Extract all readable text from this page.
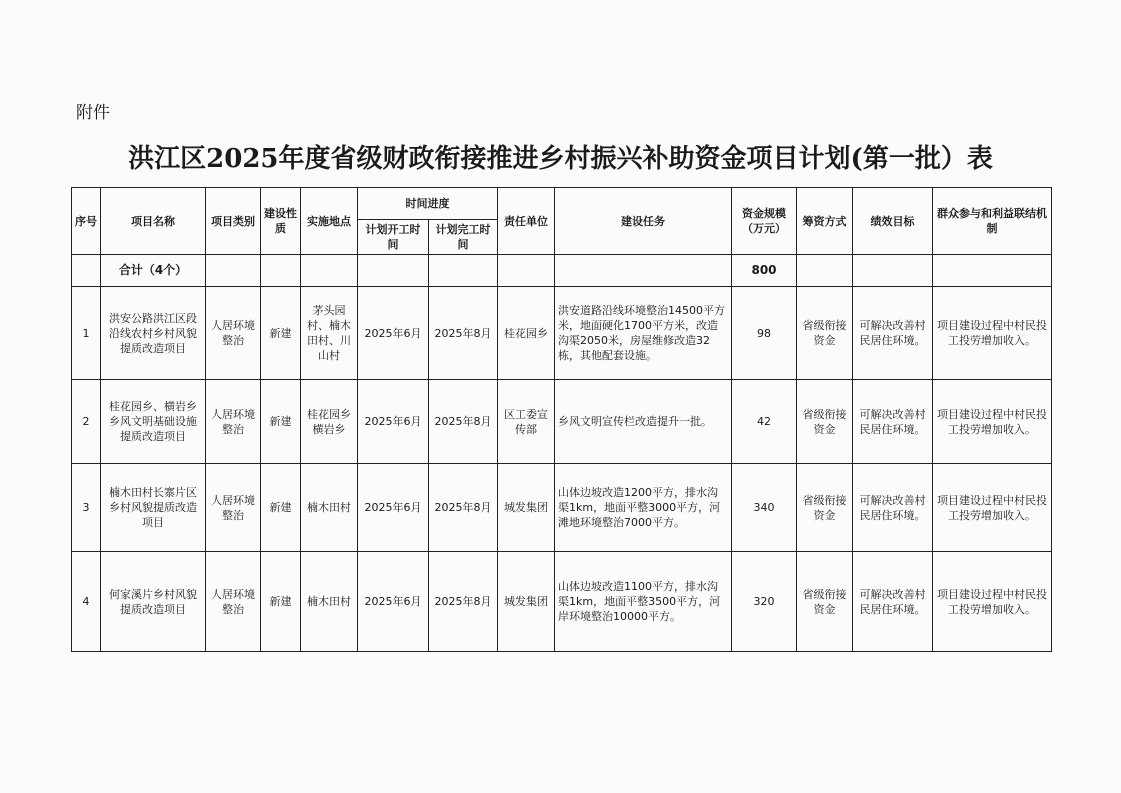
附件
洪江区2025年度省级财政衔接推进乡村振兴补助资金项目计划(第一批）表
序号	项目名称	项目类别	建设性质	实施地点	时间进度		责任单位	建设任务	资金规模（万元）	筹资方式	绩效目标	群众参与和利益联结机制
					计划开工时间	计划完工时间						
	合计（4个）								800			
1	洪安公路洪江区段沿线农村乡村风貌提质改造项目	人居环境整治	新建	茅头园村、楠木田村、川山村	2025年6月	2025年8月	桂花园乡	洪安道路沿线环境整治14500平方米，地面硬化1700平方米，改造沟渠2050米，房屋维修改造32栋，其他配套设施。	98	省级衔接资金	可解决改善村民居住环境。	项目建设过程中村民投工投劳增加收入。
2	桂花园乡、横岩乡乡风文明基础设施提质改造项目	人居环境整治	新建	桂花园乡横岩乡	2025年6月	2025年8月	区工委宣传部	乡风文明宣传栏改造提升一批。	42	省级衔接资金	可解决改善村民居住环境。	项目建设过程中村民投工投劳增加收入。
3	楠木田村长寨片区乡村风貌提质改造项目	人居环境整治	新建	楠木田村	2025年6月	2025年8月	城发集团	山体边坡改造1200平方，排水沟渠1km，地面平整3000平方，河滩地环境整治7000平方。	340	省级衔接资金	可解决改善村民居住环境。	项目建设过程中村民投工投劳增加收入。
4	何家溪片乡村风貌提质改造项目	人居环境整治	新建	楠木田村	2025年6月	2025年8月	城发集团	山体边坡改造1100平方，排水沟渠1km，地面平整3500平方，河岸环境整治10000平方。	320	省级衔接资金	可解决改善村民居住环境。	项目建设过程中村民投工投劳增加收入。
